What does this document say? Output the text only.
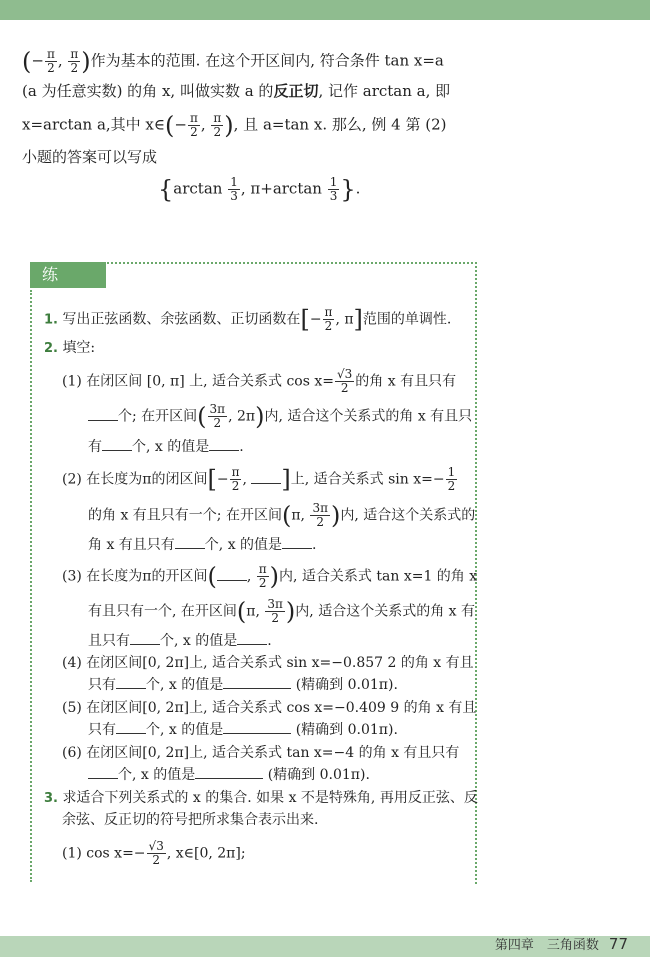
(− $\frac{\pi}{2}$ , $\frac{\pi}{2}$ )作为基本的范围. 在这个开区间内, 符合条件 tan x=a
(a 为任意实数) 的角 x, 叫做实数 a 的反正切, 记作 arctan a, 即
x=arctan a,其中 x∈(− $\frac{\pi}{2}$ , $\frac{\pi}{2}$ ), 且 a=tan x. 那么, 例 4 第 (2)
小题的答案可以写成
{$\arctan \frac{1}{3}$ , $\pi+\arctan \frac{1}{3}$ }.
练习
1. 写出正弦函数、余弦函数、正切函数在[− $\frac{\pi}{2}$ , π]范围的单调性.
2. 填空:
(1) 在闭区间 [0, π] 上, 适合关系式 $\cos x= \frac{√3}{2}$ 的角 x 有且只有
个; 在开区间( $\frac{3\pi}{2}$ , 2π)内, 适合这个关系式的角 x 有且只
有 个, x 的值是 .
(2) 在长度为π的闭区间[− $\frac{\pi}{2}$ , ]上, 适合关系式 $\sin x=- \frac{1}{2}$
的角 x 有且只有一个; 在开区间(π, $\frac{3\pi}{2}$ )内, 适合这个关系式的
角 x 有且只有 个, x 的值是 .
(3) 在长度为π的开区间( , $\frac{\pi}{2}$ )内, 适合关系式 tan x=1 的角 x
有且只有一个, 在开区间(π, $\frac{3\pi}{2}$ )内, 适合这个关系式的角 x 有
且只有 个, x 的值是 .
(4) 在闭区间[0, 2π]上, 适合关系式 sin x=−0.857 2 的角 x 有且
只有 个, x 的值是	(精确到 0.01π).
(5) 在闭区间[0, 2π]上, 适合关系式 cos x=−0.409 9 的角 x 有且
只有 个, x 的值是	(精确到 0.01π).
(6) 在闭区间[0, 2π]上, 适合关系式 tan x=−4 的角 x 有且只有
个, x 的值是	(精确到 0.01π).
3. 求适合下列关系式的 x 的集合. 如果 x 不是特殊角, 再用反正弦、反
余弦、反正切的符号把所求集合表示出来.
(1) $\cos x=- \frac{√3}{2}$ , x∈[0, 2π];
第四章　三角函数 77
